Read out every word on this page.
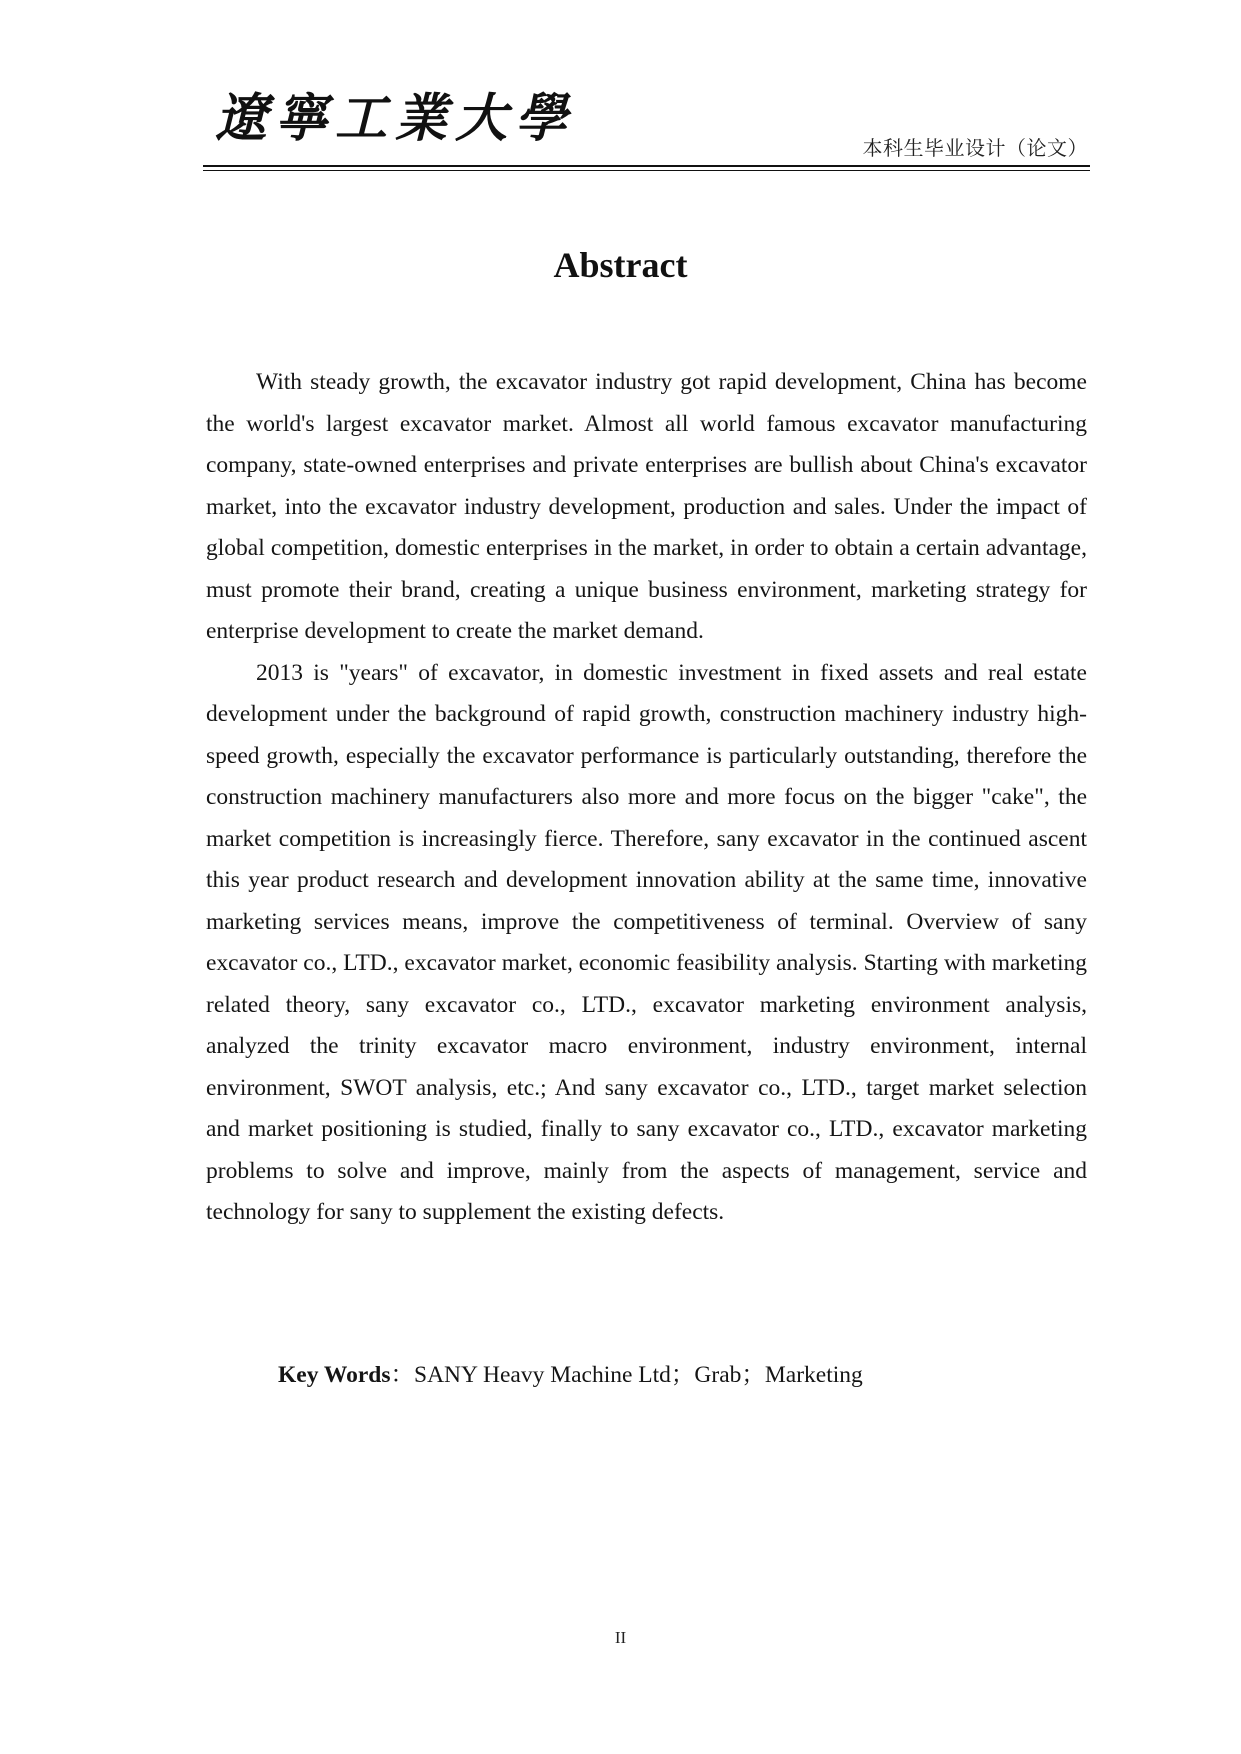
遼寧工業大學	本科生毕业设计（论文）
Abstract

With steady growth, the excavator industry got rapid development, China has become the world's largest excavator market. Almost all world famous excavator manufacturing company, state-owned enterprises and private enterprises are bullish about China's excavator market, into the excavator industry development, production and sales. Under the impact of global competition, domestic enterprises in the market, in order to obtain a certain advantage, must promote their brand, creating a unique business environment, marketing strategy for enterprise development to create the market demand.

2013 is "years" of excavator, in domestic investment in fixed assets and real estate development under the background of rapid growth, construction machinery industry high-speed growth, especially the excavator performance is particularly outstanding, therefore the construction machinery manufacturers also more and more focus on the bigger "cake", the market competition is increasingly fierce. Therefore, sany excavator in the continued ascent this year product research and development innovation ability at the same time, innovative marketing services means, improve the competitiveness of terminal. Overview of sany excavator co., LTD., excavator market, economic feasibility analysis. Starting with marketing related theory, sany excavator co., LTD., excavator marketing environment analysis, analyzed the trinity excavator macro environment, industry environment, internal environment, SWOT analysis, etc.; And sany excavator co., LTD., target market selection and market positioning is studied, finally to sany excavator co., LTD., excavator marketing problems to solve and improve, mainly from the aspects of management, service and technology for sany to supplement the existing defects.

Key Words：SANY Heavy Machine Ltd；Grab；Marketing
II
